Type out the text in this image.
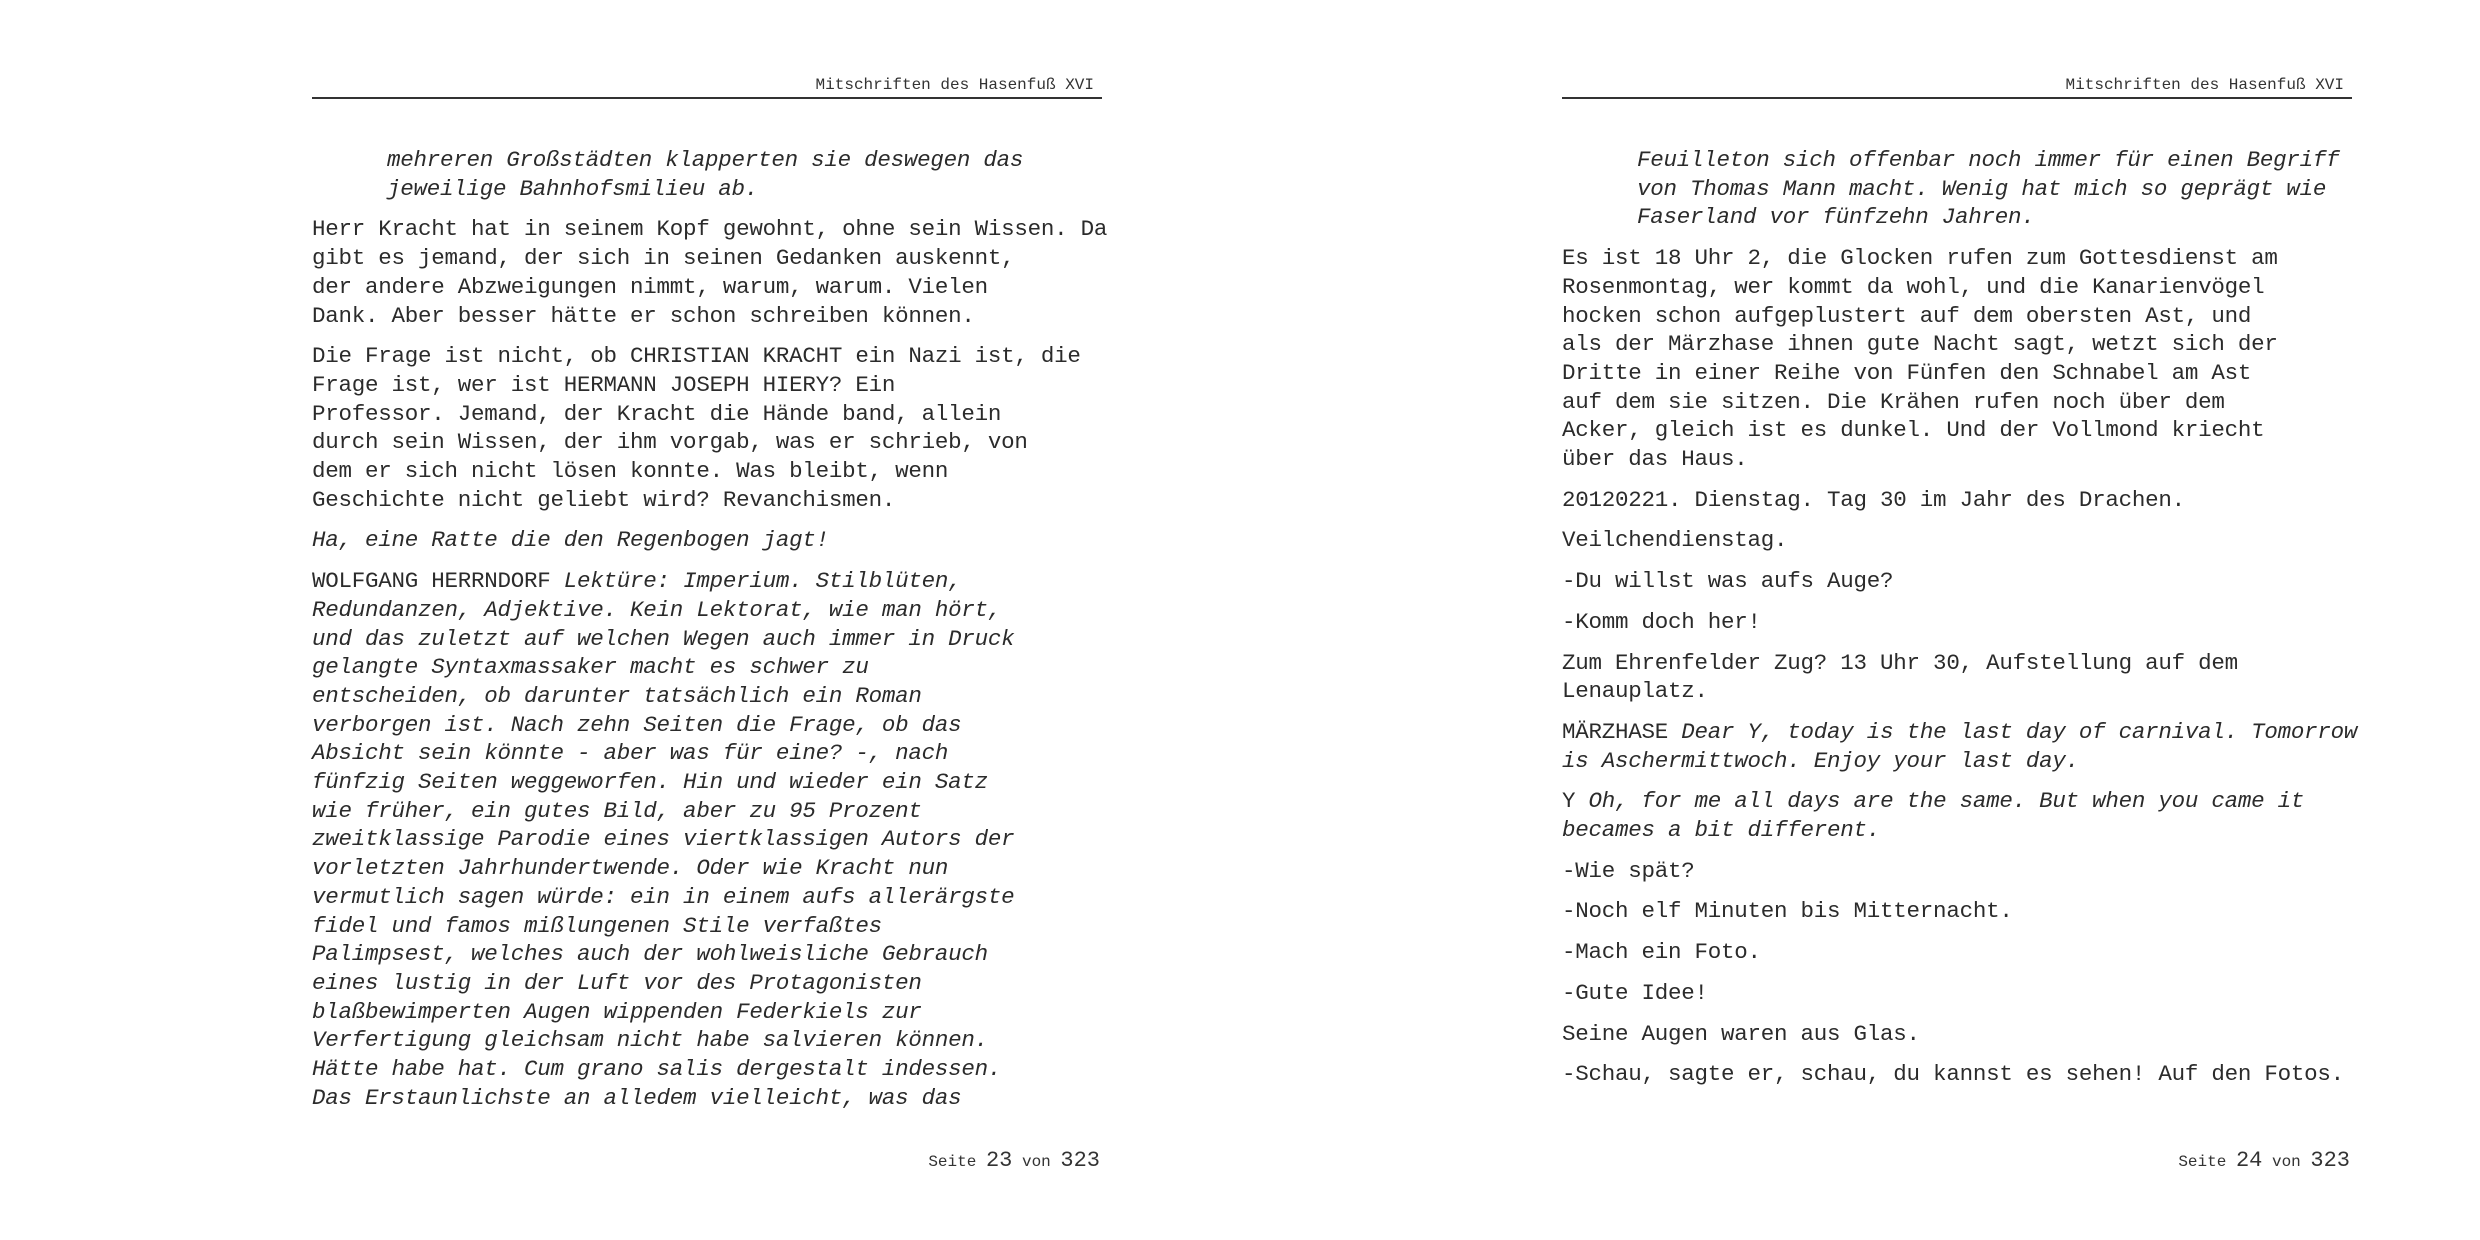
Mitschriften des Hasenfuß XVI
mehreren Großstädten klapperten sie deswegen das
jeweilige Bahnhofsmilieu ab.
Herr Kracht hat in seinem Kopf gewohnt, ohne sein Wissen. Da
gibt es jemand, der sich in seinen Gedanken auskennt,
der andere Abzweigungen nimmt, warum, warum. Vielen
Dank. Aber besser hätte er schon schreiben können.
Die Frage ist nicht, ob CHRISTIAN KRACHT ein Nazi ist, die
Frage ist, wer ist HERMANN JOSEPH HIERY? Ein
Professor. Jemand, der Kracht die Hände band, allein
durch sein Wissen, der ihm vorgab, was er schrieb, von
dem er sich nicht lösen konnte. Was bleibt, wenn
Geschichte nicht geliebt wird? Revanchismen.
Ha, eine Ratte die den Regenbogen jagt!
WOLFGANG HERRNDORF Lektüre: Imperium. Stilblüten,
Redundanzen, Adjektive. Kein Lektorat, wie man hört,
und das zuletzt auf welchen Wegen auch immer in Druck
gelangte Syntaxmassaker macht es schwer zu
entscheiden, ob darunter tatsächlich ein Roman
verborgen ist. Nach zehn Seiten die Frage, ob das
Absicht sein könnte - aber was für eine? -, nach
fünfzig Seiten weggeworfen. Hin und wieder ein Satz
wie früher, ein gutes Bild, aber zu 95 Prozent
zweitklassige Parodie eines viertklassigen Autors der
vorletzten Jahrhundertwende. Oder wie Kracht nun
vermutlich sagen würde: ein in einem aufs allerärgste
fidel und famos mißlungenen Stile verfaßtes
Palimpsest, welches auch der wohlweisliche Gebrauch
eines lustig in der Luft vor des Protagonisten
blaßbewimperten Augen wippenden Federkiels zur
Verfertigung gleichsam nicht habe salvieren können.
Hätte habe hat. Cum grano salis dergestalt indessen.
Das Erstaunlichste an alledem vielleicht, was das
Seite 23 von 323
Mitschriften des Hasenfuß XVI
Feuilleton sich offenbar noch immer für einen Begriff
von Thomas Mann macht. Wenig hat mich so geprägt wie
Faserland vor fünfzehn Jahren.
Es ist 18 Uhr 2, die Glocken rufen zum Gottesdienst am
Rosenmontag, wer kommt da wohl, und die Kanarienvögel
hocken schon aufgeplustert auf dem obersten Ast, und
als der Märzhase ihnen gute Nacht sagt, wetzt sich der
Dritte in einer Reihe von Fünfen den Schnabel am Ast
auf dem sie sitzen. Die Krähen rufen noch über dem
Acker, gleich ist es dunkel. Und der Vollmond kriecht
über das Haus.
20120221. Dienstag. Tag 30 im Jahr des Drachen.
Veilchendienstag.
-Du willst was aufs Auge?
-Komm doch her!
Zum Ehrenfelder Zug? 13 Uhr 30, Aufstellung auf dem
Lenauplatz.
MÄRZHASE Dear Y, today is the last day of carnival. Tomorrow
is Aschermittwoch. Enjoy your last day.
Y Oh, for me all days are the same. But when you came it
becames a bit different.
-Wie spät?
-Noch elf Minuten bis Mitternacht.
-Mach ein Foto.
-Gute Idee!
Seine Augen waren aus Glas.
-Schau, sagte er, schau, du kannst es sehen! Auf den Fotos.
Seite 24 von 323
